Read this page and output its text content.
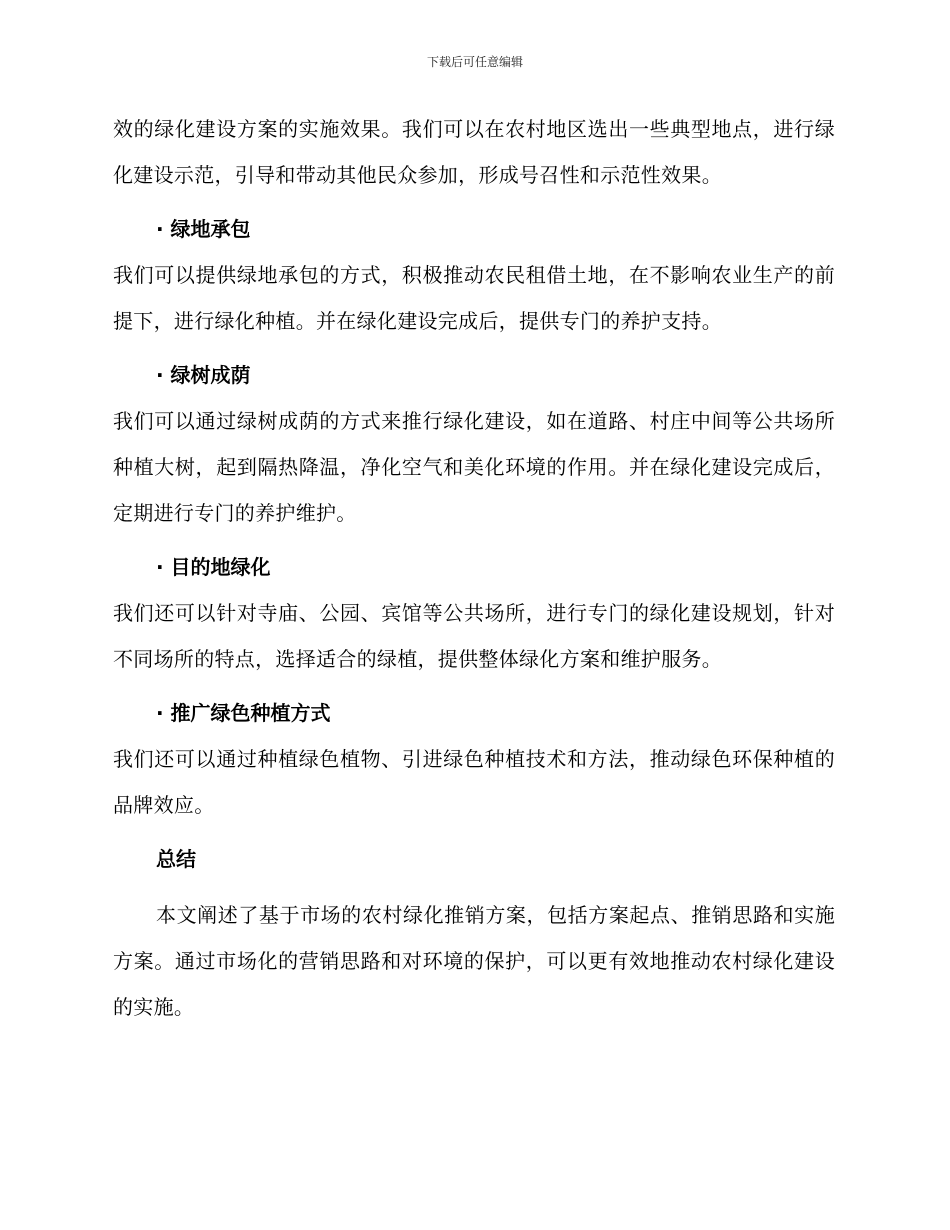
下载后可任意编辑

效的绿化建设方案的实施效果。我们可以在农村地区选出一些典型地点，进行绿化建设示范，引导和带动其他民众参加，形成号召性和示范性效果。

· 绿地承包

我们可以提供绿地承包的方式，积极推动农民租借土地，在不影响农业生产的前提下，进行绿化种植。并在绿化建设完成后，提供专门的养护支持。

· 绿树成荫

我们可以通过绿树成荫的方式来推行绿化建设，如在道路、村庄中间等公共场所种植大树，起到隔热降温，净化空气和美化环境的作用。并在绿化建设完成后，定期进行专门的养护维护。

· 目的地绿化

我们还可以针对寺庙、公园、宾馆等公共场所，进行专门的绿化建设规划，针对不同场所的特点，选择适合的绿植，提供整体绿化方案和维护服务。

· 推广绿色种植方式

我们还可以通过种植绿色植物、引进绿色种植技术和方法，推动绿色环保种植的品牌效应。

总结

本文阐述了基于市场的农村绿化推销方案，包括方案起点、推销思路和实施方案。通过市场化的营销思路和对环境的保护，可以更有效地推动农村绿化建设的实施。
